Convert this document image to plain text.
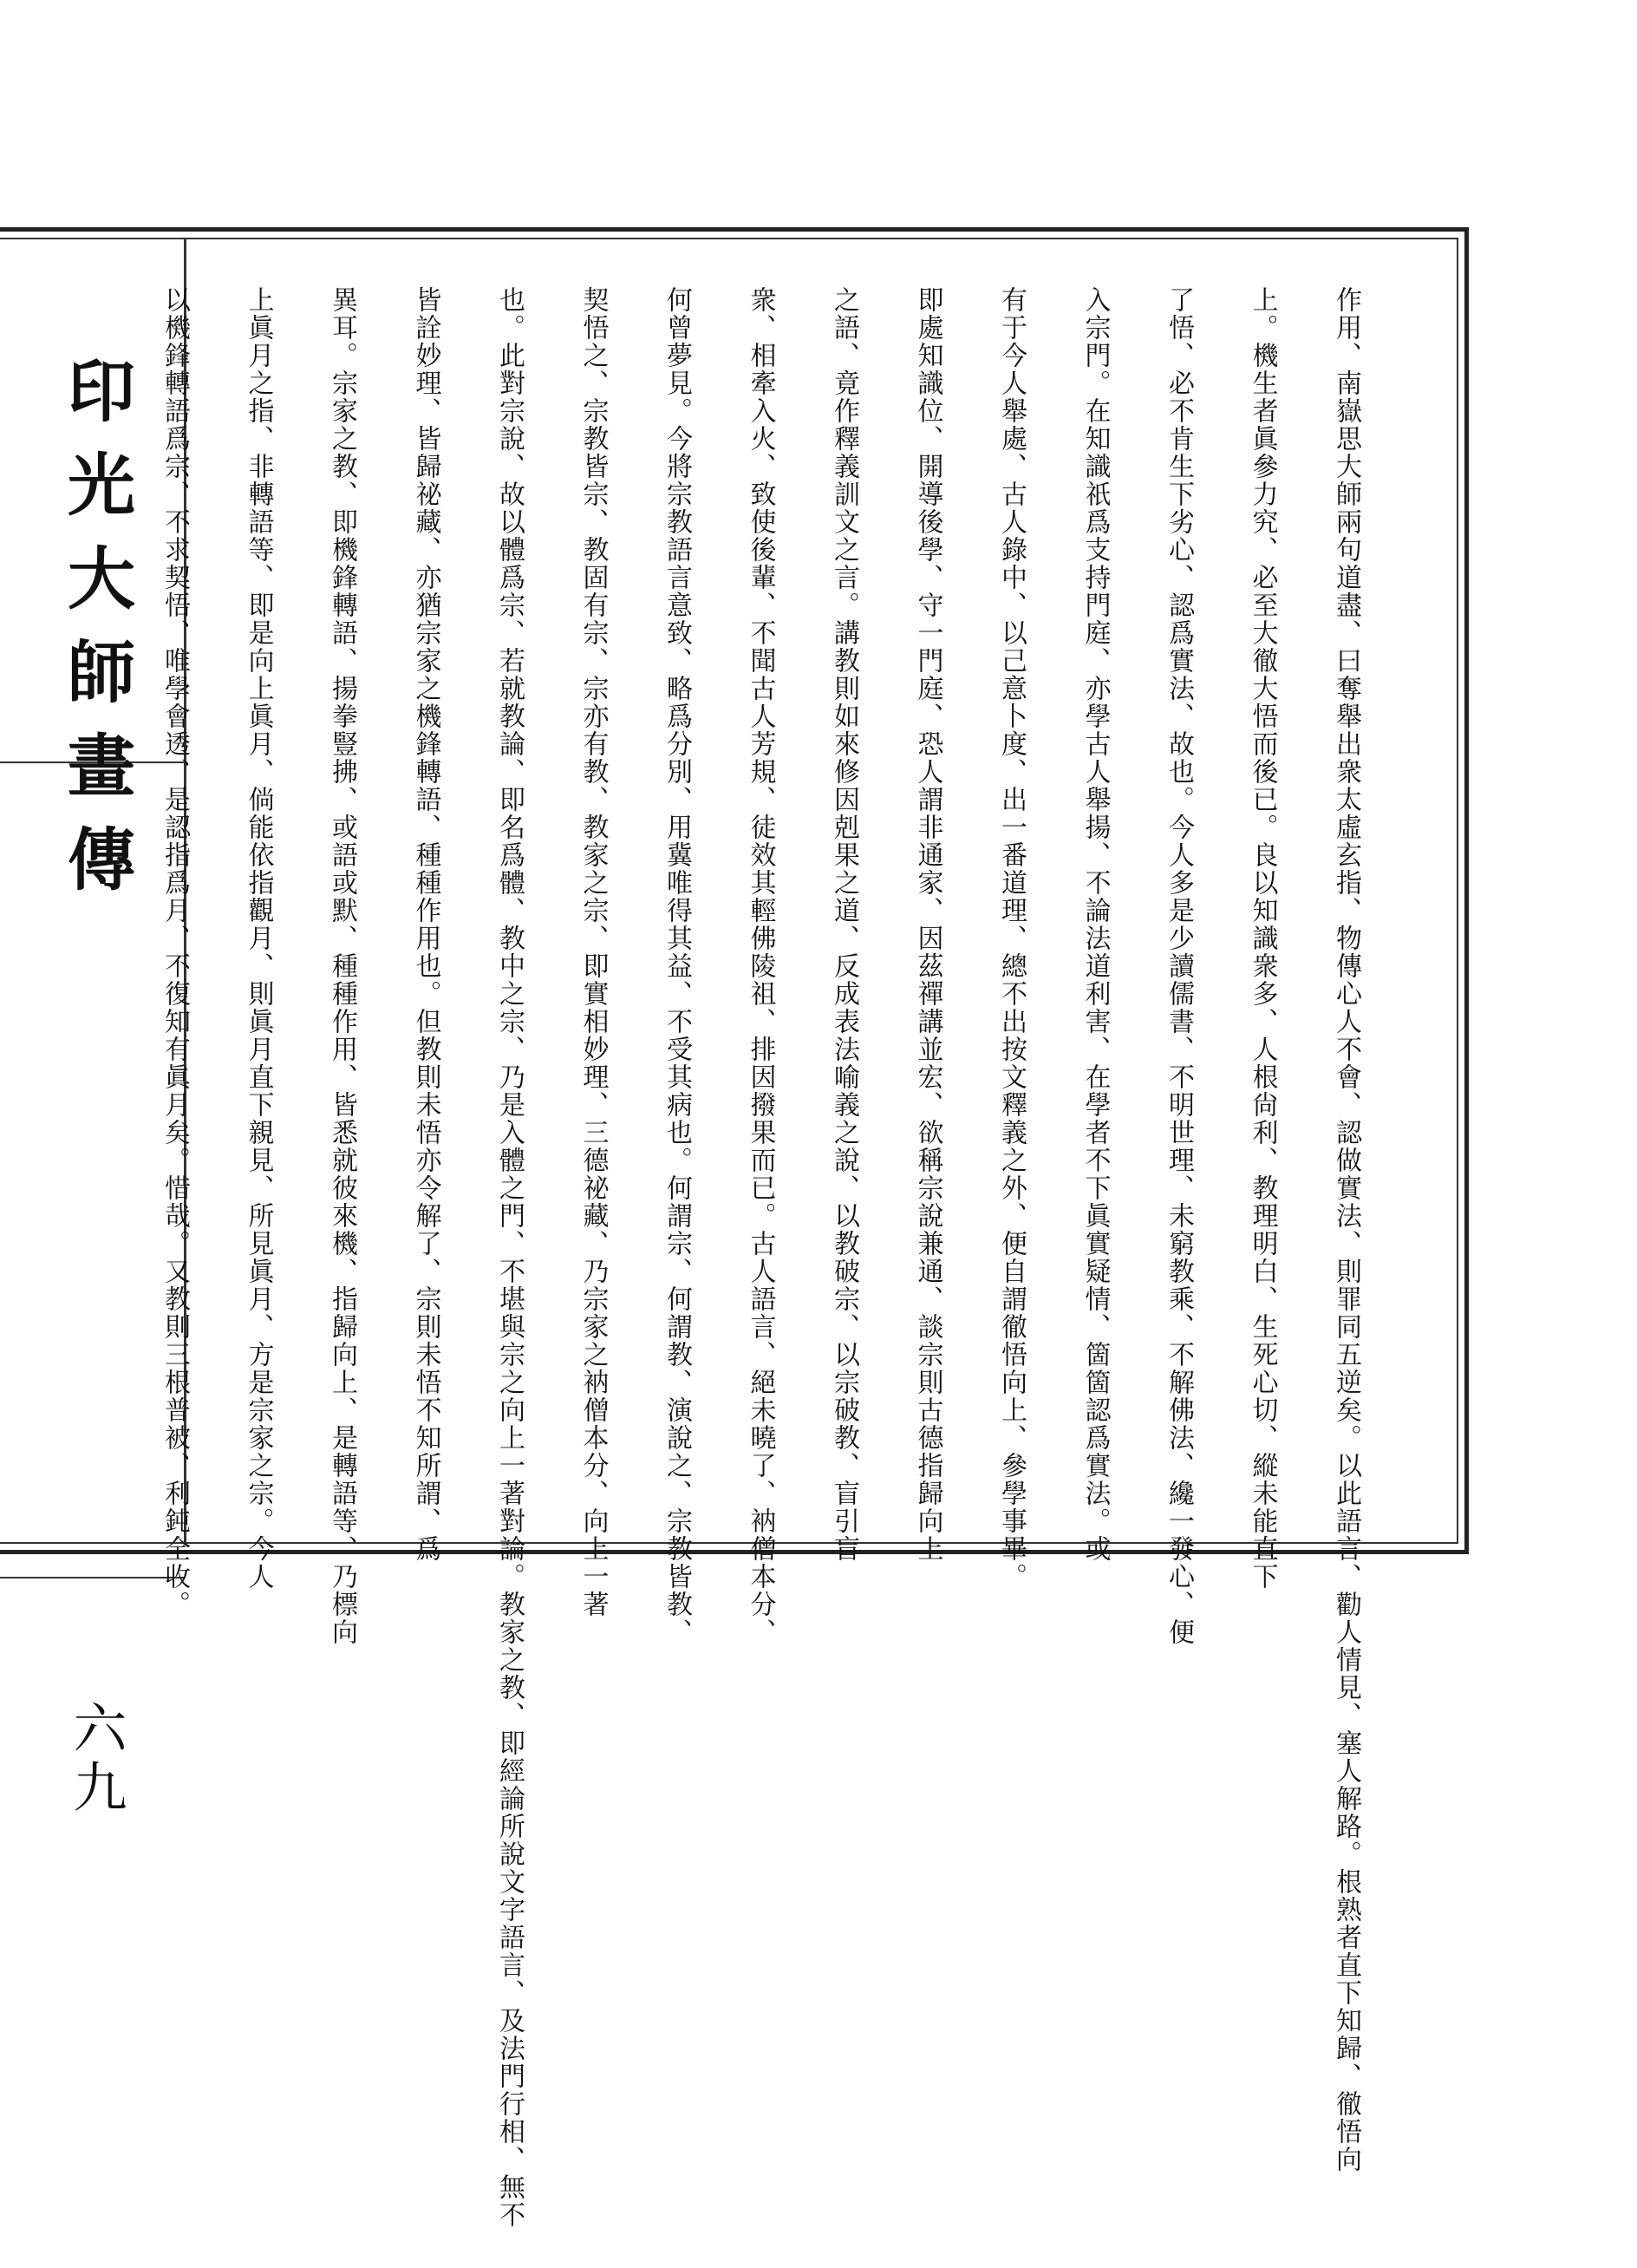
印光大師畫傳
六九	作用、南嶽思大師兩句道盡、曰奪舉出衆太虛玄指、物傳心人不會、認做實法、則罪同五逆矣。以此語言、勸人情見、塞人解路。根熟者直下知歸、徹悟向
上。機生者眞參力究、必至大徹大悟而後已。良以知識衆多、人根尙利、教理明白、生死心切、縱未能直下
了悟、必不肯生下劣心、認爲實法、故也。今人多是少讀儒書、不明世理、未窮教乘、不解佛法、纔一發心、便
入宗門。在知識祇爲支持門庭、亦學古人舉揚、不論法道利害、在學者不下眞實疑情、箇箇認爲實法。或
有于今人舉處、古人錄中、以己意卜度、出一番道理、總不出按文釋義之外、便自謂徹悟向上、參學事畢。
即處知識位、開導後學、守一門庭、恐人謂非通家、因茲禪講並宏、欲稱宗說兼通、談宗則古德指歸向上
之語、竟作釋義訓文之言。講教則如來修因剋果之道、反成表法喻義之說、以教破宗、以宗破教、盲引盲
衆、相牽入火、致使後輩、不聞古人芳規、徒效其輕佛陵祖、排因撥果而已。古人語言、絕未曉了、衲僧本分、
何曾夢見。今將宗教語言意致、略爲分別、用冀唯得其益、不受其病也。何謂宗、何謂教、演說之、宗教皆教、
契悟之、宗教皆宗、教固有宗、宗亦有教、教家之宗、即實相妙理、三德祕藏、乃宗家之衲僧本分、向上一著
也。此對宗說、故以體爲宗、若就教論、即名爲體、教中之宗、乃是入體之門、不堪與宗之向上一著對論。教家之教、即經論所說文字語言、及法門行相、無不
皆詮妙理、皆歸祕藏、亦猶宗家之機鋒轉語、種種作用也。但教則未悟亦令解了、宗則未悟不知所謂、爲
異耳。宗家之教、即機鋒轉語、揚拳豎拂、或語或默、種種作用、皆悉就彼來機、指歸向上、是轉語等、乃標向
上眞月之指、非轉語等、即是向上眞月、倘能依指觀月、則眞月直下親見、所見眞月、方是宗家之宗。今人
以機鋒轉語爲宗、不求契悟、唯學會透、是認指爲月、不復知有眞月矣。惜哉。又教則三根普被、利鈍全收。
